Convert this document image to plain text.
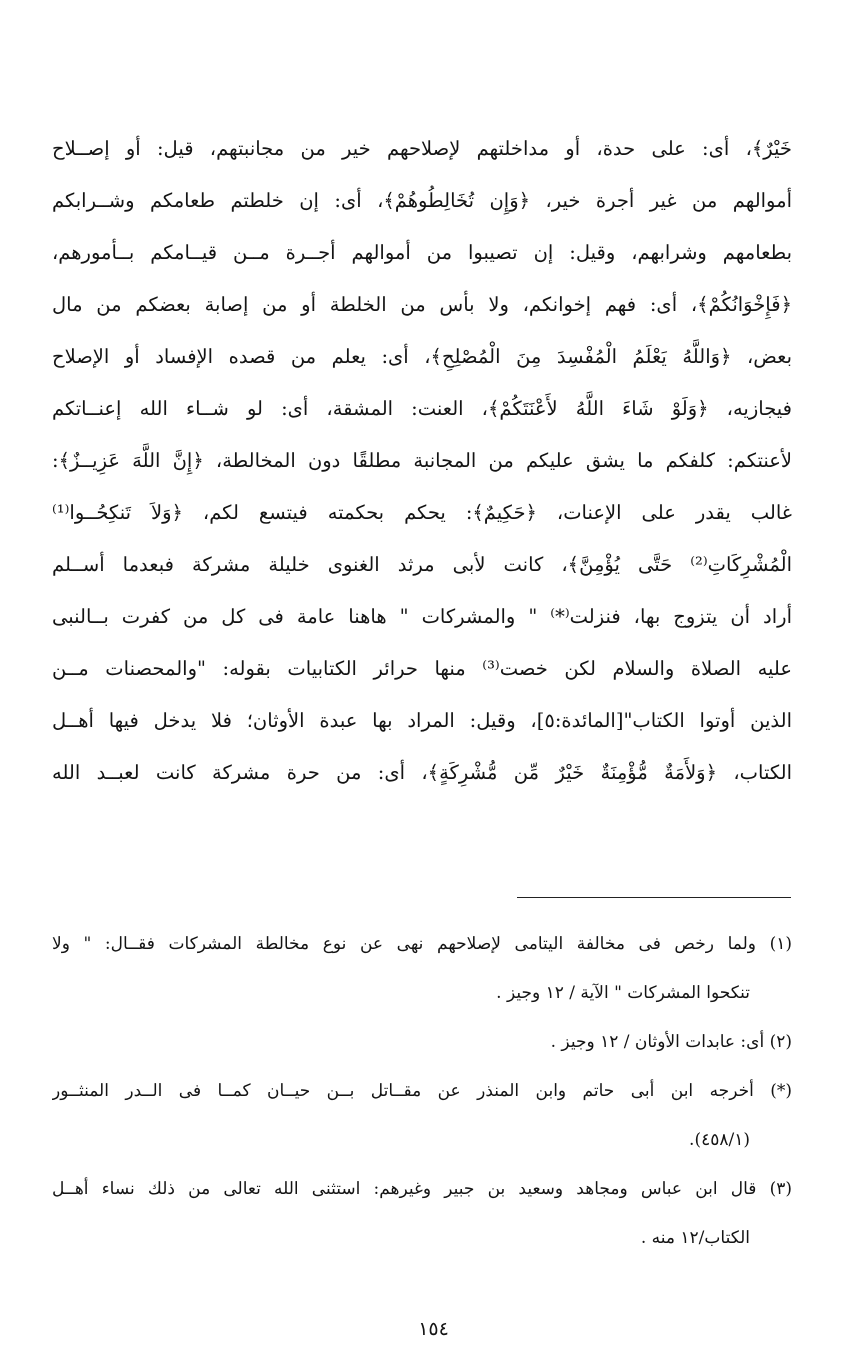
خَيْرٌ﴾، أى: على حدة، أو مداخلتهم لإصلاحهم خير من مجانبتهم، قيل: أو إصــلاح
أموالهم من غير أجرة خير، ﴿وَإِن تُخَالِطُوهُمْ﴾، أى: إن خلطتم طعامكم وشــرابكم
بطعامهم وشرابهم، وقيل: إن تصيبوا من أموالهم أجــرة مــن قيــامكم بــأمورهم،
﴿فَإِخْوَانُكُمْ﴾، أى: فهم إخوانكم، ولا بأس من الخلطة أو من إصابة بعضكم من مال
بعض، ﴿وَاللَّهُ يَعْلَمُ الْمُفْسِدَ مِنَ الْمُصْلِحِ﴾، أى: يعلم من قصده الإفساد أو الإصلاح
فيجازيه، ﴿وَلَوْ شَاءَ اللَّهُ لأَعْنَتَكُمْ﴾، العنت: المشقة، أى: لو شــاء الله إعنــاتكم
لأعنتكم: كلفكم ما يشق عليكم من المجانبة مطلقًا دون المخالطة، ﴿إِنَّ اللَّهَ عَزِيــزٌ﴾:
غالب يقدر على الإعنات، ﴿حَكِيمٌ﴾: يحكم بحكمته فيتسع لكم، ﴿وَلاَ تَنكِحُــوا⁽¹⁾
الْمُشْرِكَاتِ⁽²⁾ حَتَّى يُؤْمِنَّ﴾، كانت لأبى مرثد الغنوى خليلة مشركة فبعدما أســلم
أراد أن يتزوج بها، فنزلت⁽*⁾ " والمشركات " هاهنا عامة فى كل من كفرت بــالنبى
عليه الصلاة والسلام لكن خصت⁽³⁾ منها حرائر الكتابيات بقوله: "والمحصنات مــن
الذين أوتوا الكتاب"[المائدة:٥]، وقيل: المراد بها عبدة الأوثان؛ فلا يدخل فيها أهــل
الكتاب، ﴿وَلأَمَةٌ مُّؤْمِنَةٌ خَيْرٌ مِّن مُّشْرِكَةٍ﴾، أى: من حرة مشركة كانت لعبــد الله
(١) ولما رخص فى مخالفة اليتامى لإصلاحهم نهى عن نوع مخالطة المشركات فقــال: " ولا
تنكحوا المشركات " الآية / ١٢ وجيز .
(٢) أى: عابدات الأوثان / ١٢ وجيز .
(*) أخرجه ابن أبى حاتم وابن المنذر عن مقــاتل بــن حيــان كمــا فى الــدر المنثــور
(٤٥٨/١).
(٣) قال ابن عباس ومجاهد وسعيد بن جبير وغيرهم: استثنى الله تعالى من ذلك نساء أهــل
الكتاب/١٢ منه .
١٥٤
